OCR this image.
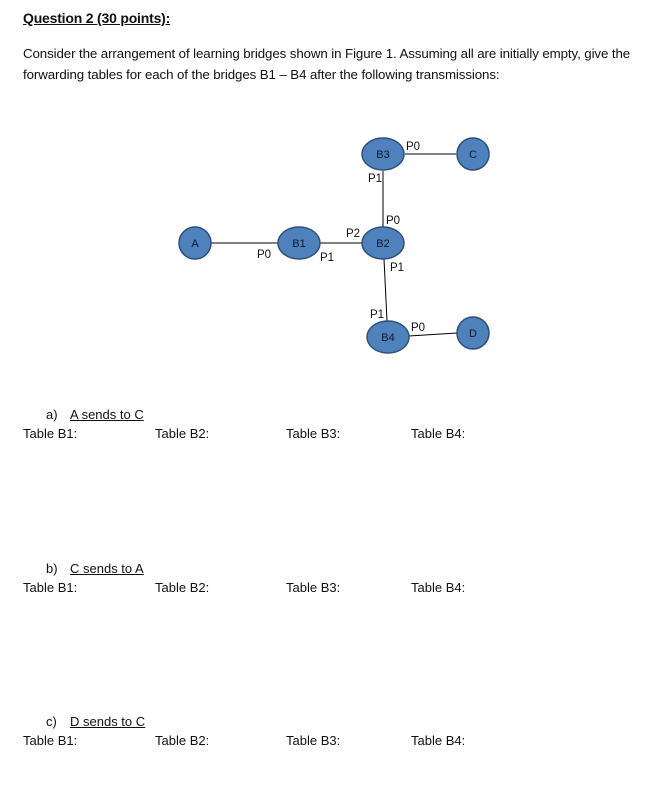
Question 2 (30 points):
Consider the arrangement of learning bridges shown in Figure 1. Assuming all are initially empty, give the forwarding tables for each of the bridges B1 – B4 after the following transmissions:
A	B1	B2
B3
B4
C
D
P0	P1
P2
P0
P1
P0
P1
P1
P0
a) A sends to C
Table B1:	Table B2:	Table B3:	Table B4:
b) C sends to A
Table B1:	Table B2:	Table B3:	Table B4:
c) D sends to C
Table B1:	Table B2:	Table B3:	Table B4:
